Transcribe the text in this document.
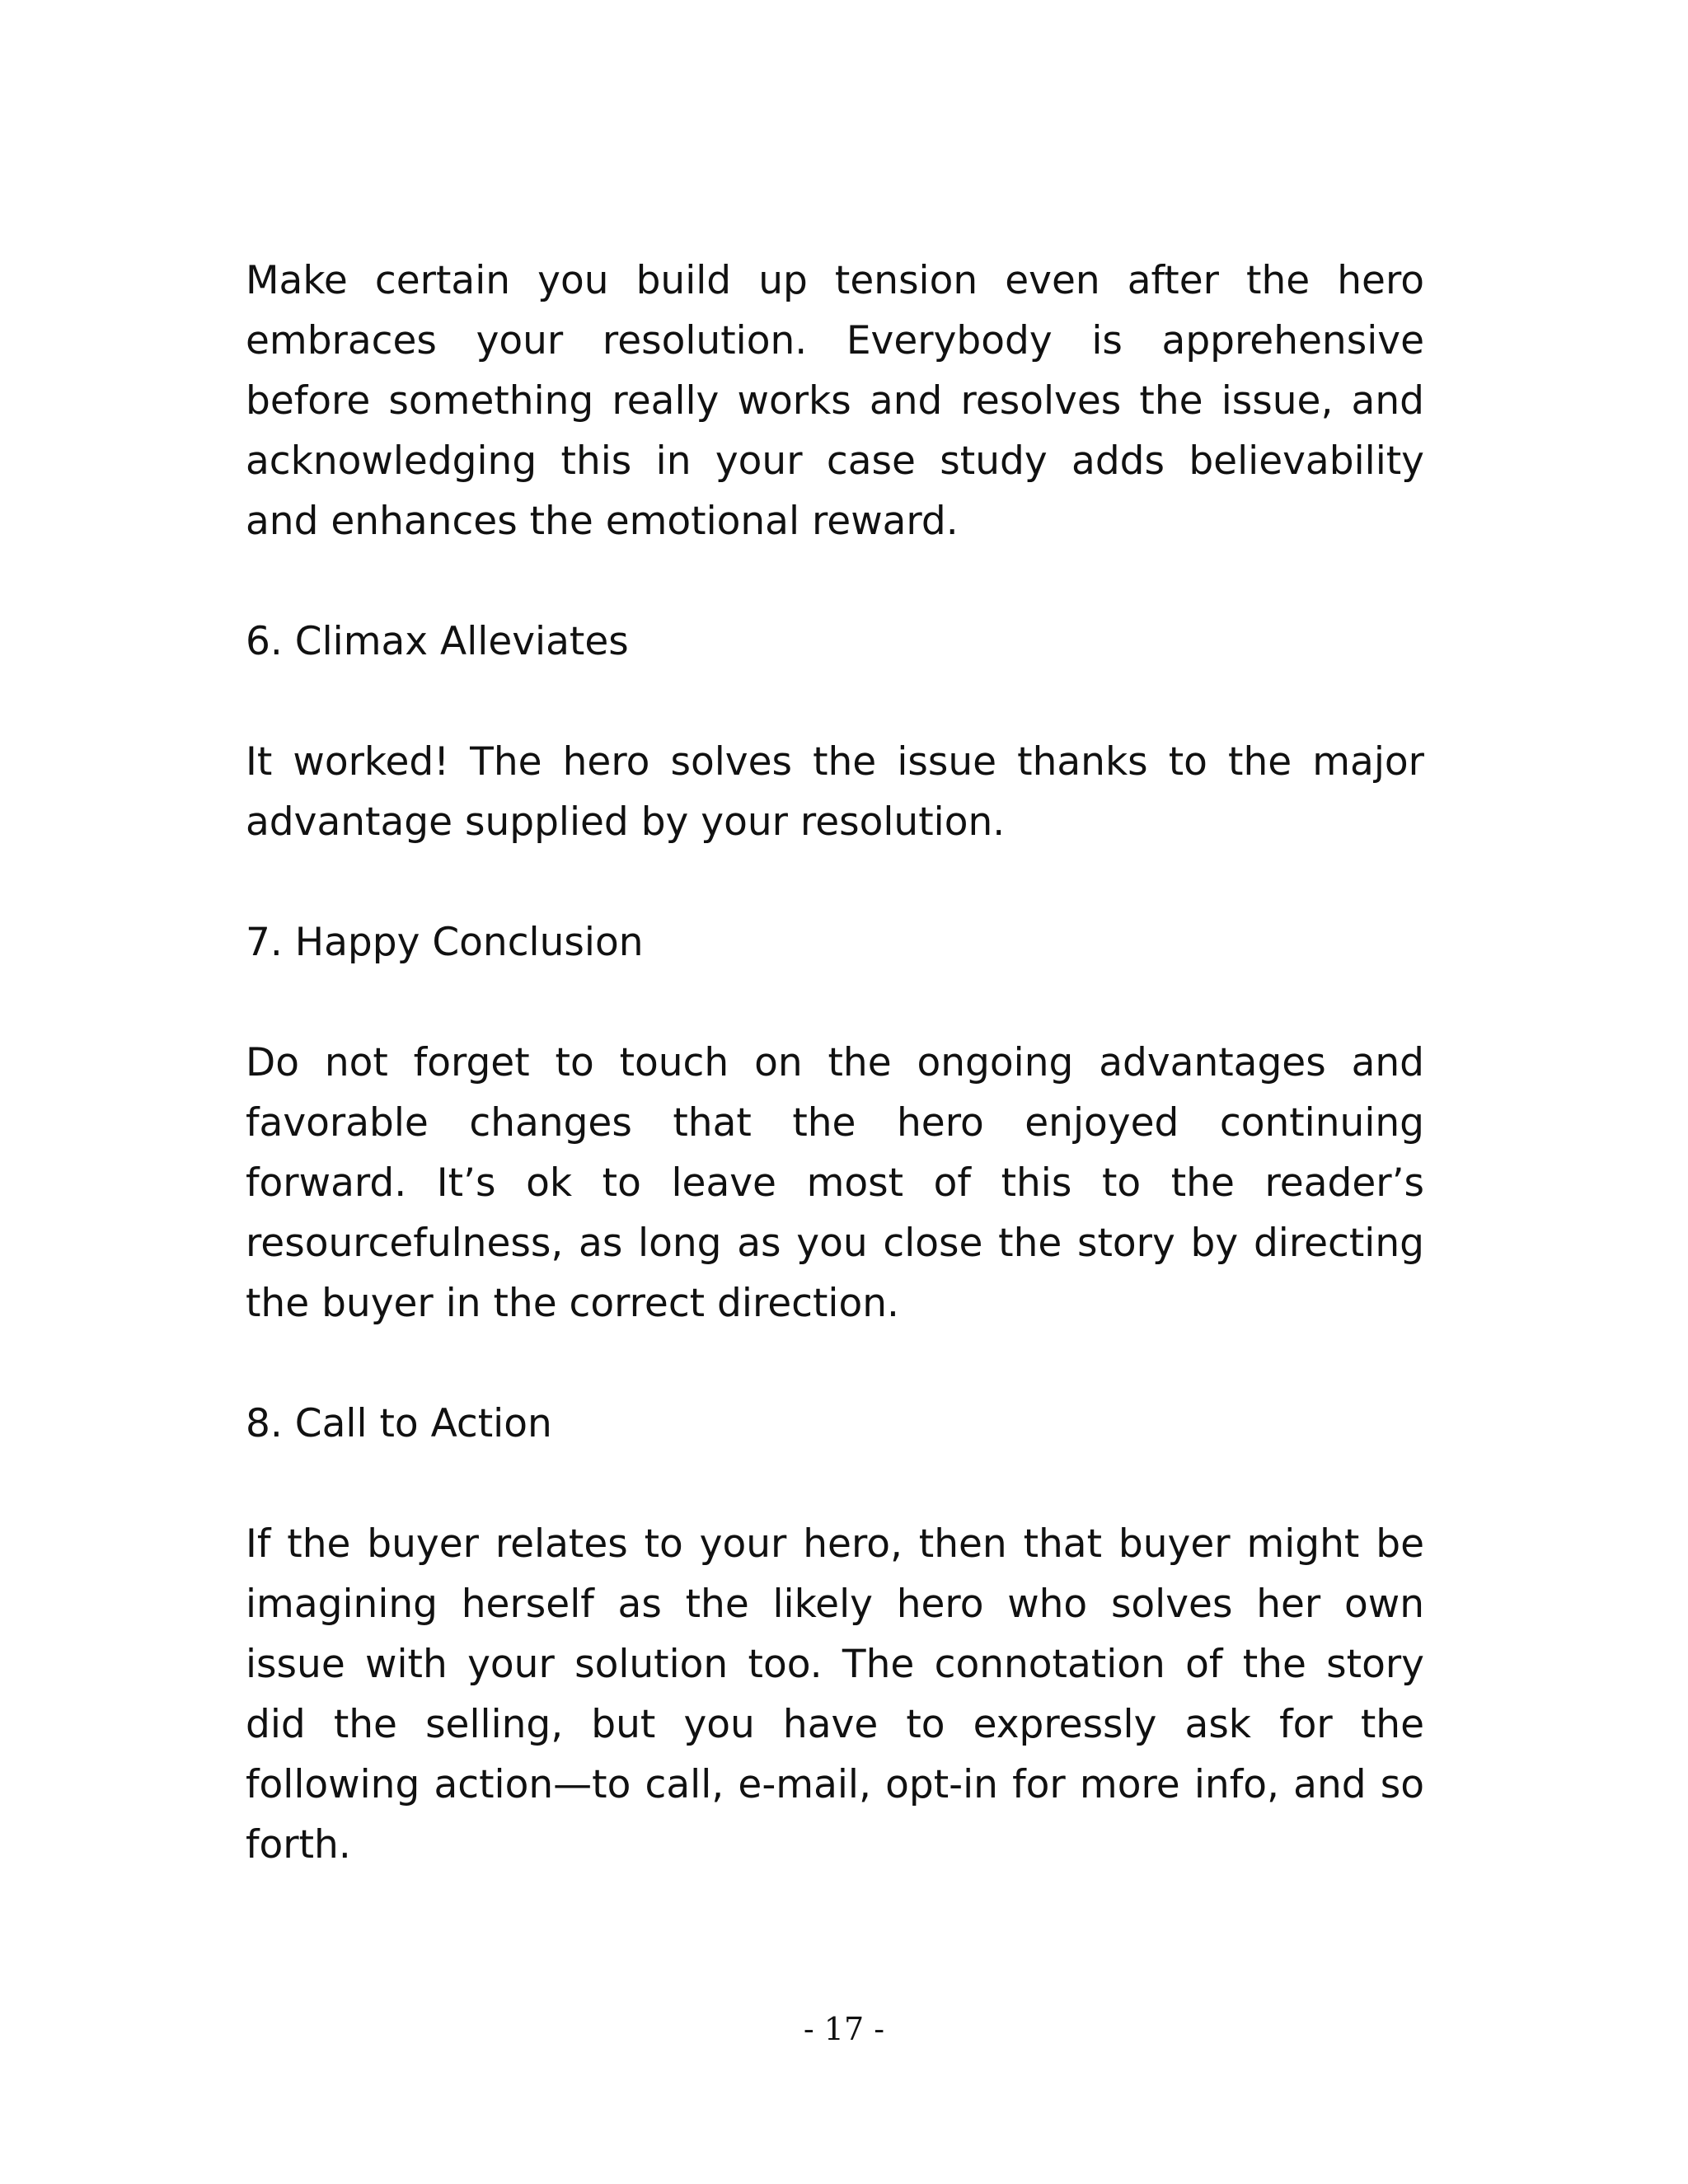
Make certain you build up tension even after the hero embraces your resolution. Everybody is apprehensive before something really works and resolves the issue, and acknowledging this in your case study adds believability and enhances the emotional reward.

6. Climax Alleviates

It worked! The hero solves the issue thanks to the major advantage supplied by your resolution.

7. Happy Conclusion

Do not forget to touch on the ongoing advantages and favorable changes that the hero enjoyed continuing forward. It’s ok to leave most of this to the reader’s resourcefulness, as long as you close the story by directing the buyer in the correct direction.

8. Call to Action

If the buyer relates to your hero, then that buyer might be imagining herself as the likely hero who solves her own issue with your solution too. The connotation of the story did the selling, but you have to expressly ask for the following action—to call, e-mail, opt-in for more info, and so forth.

- 17 -
